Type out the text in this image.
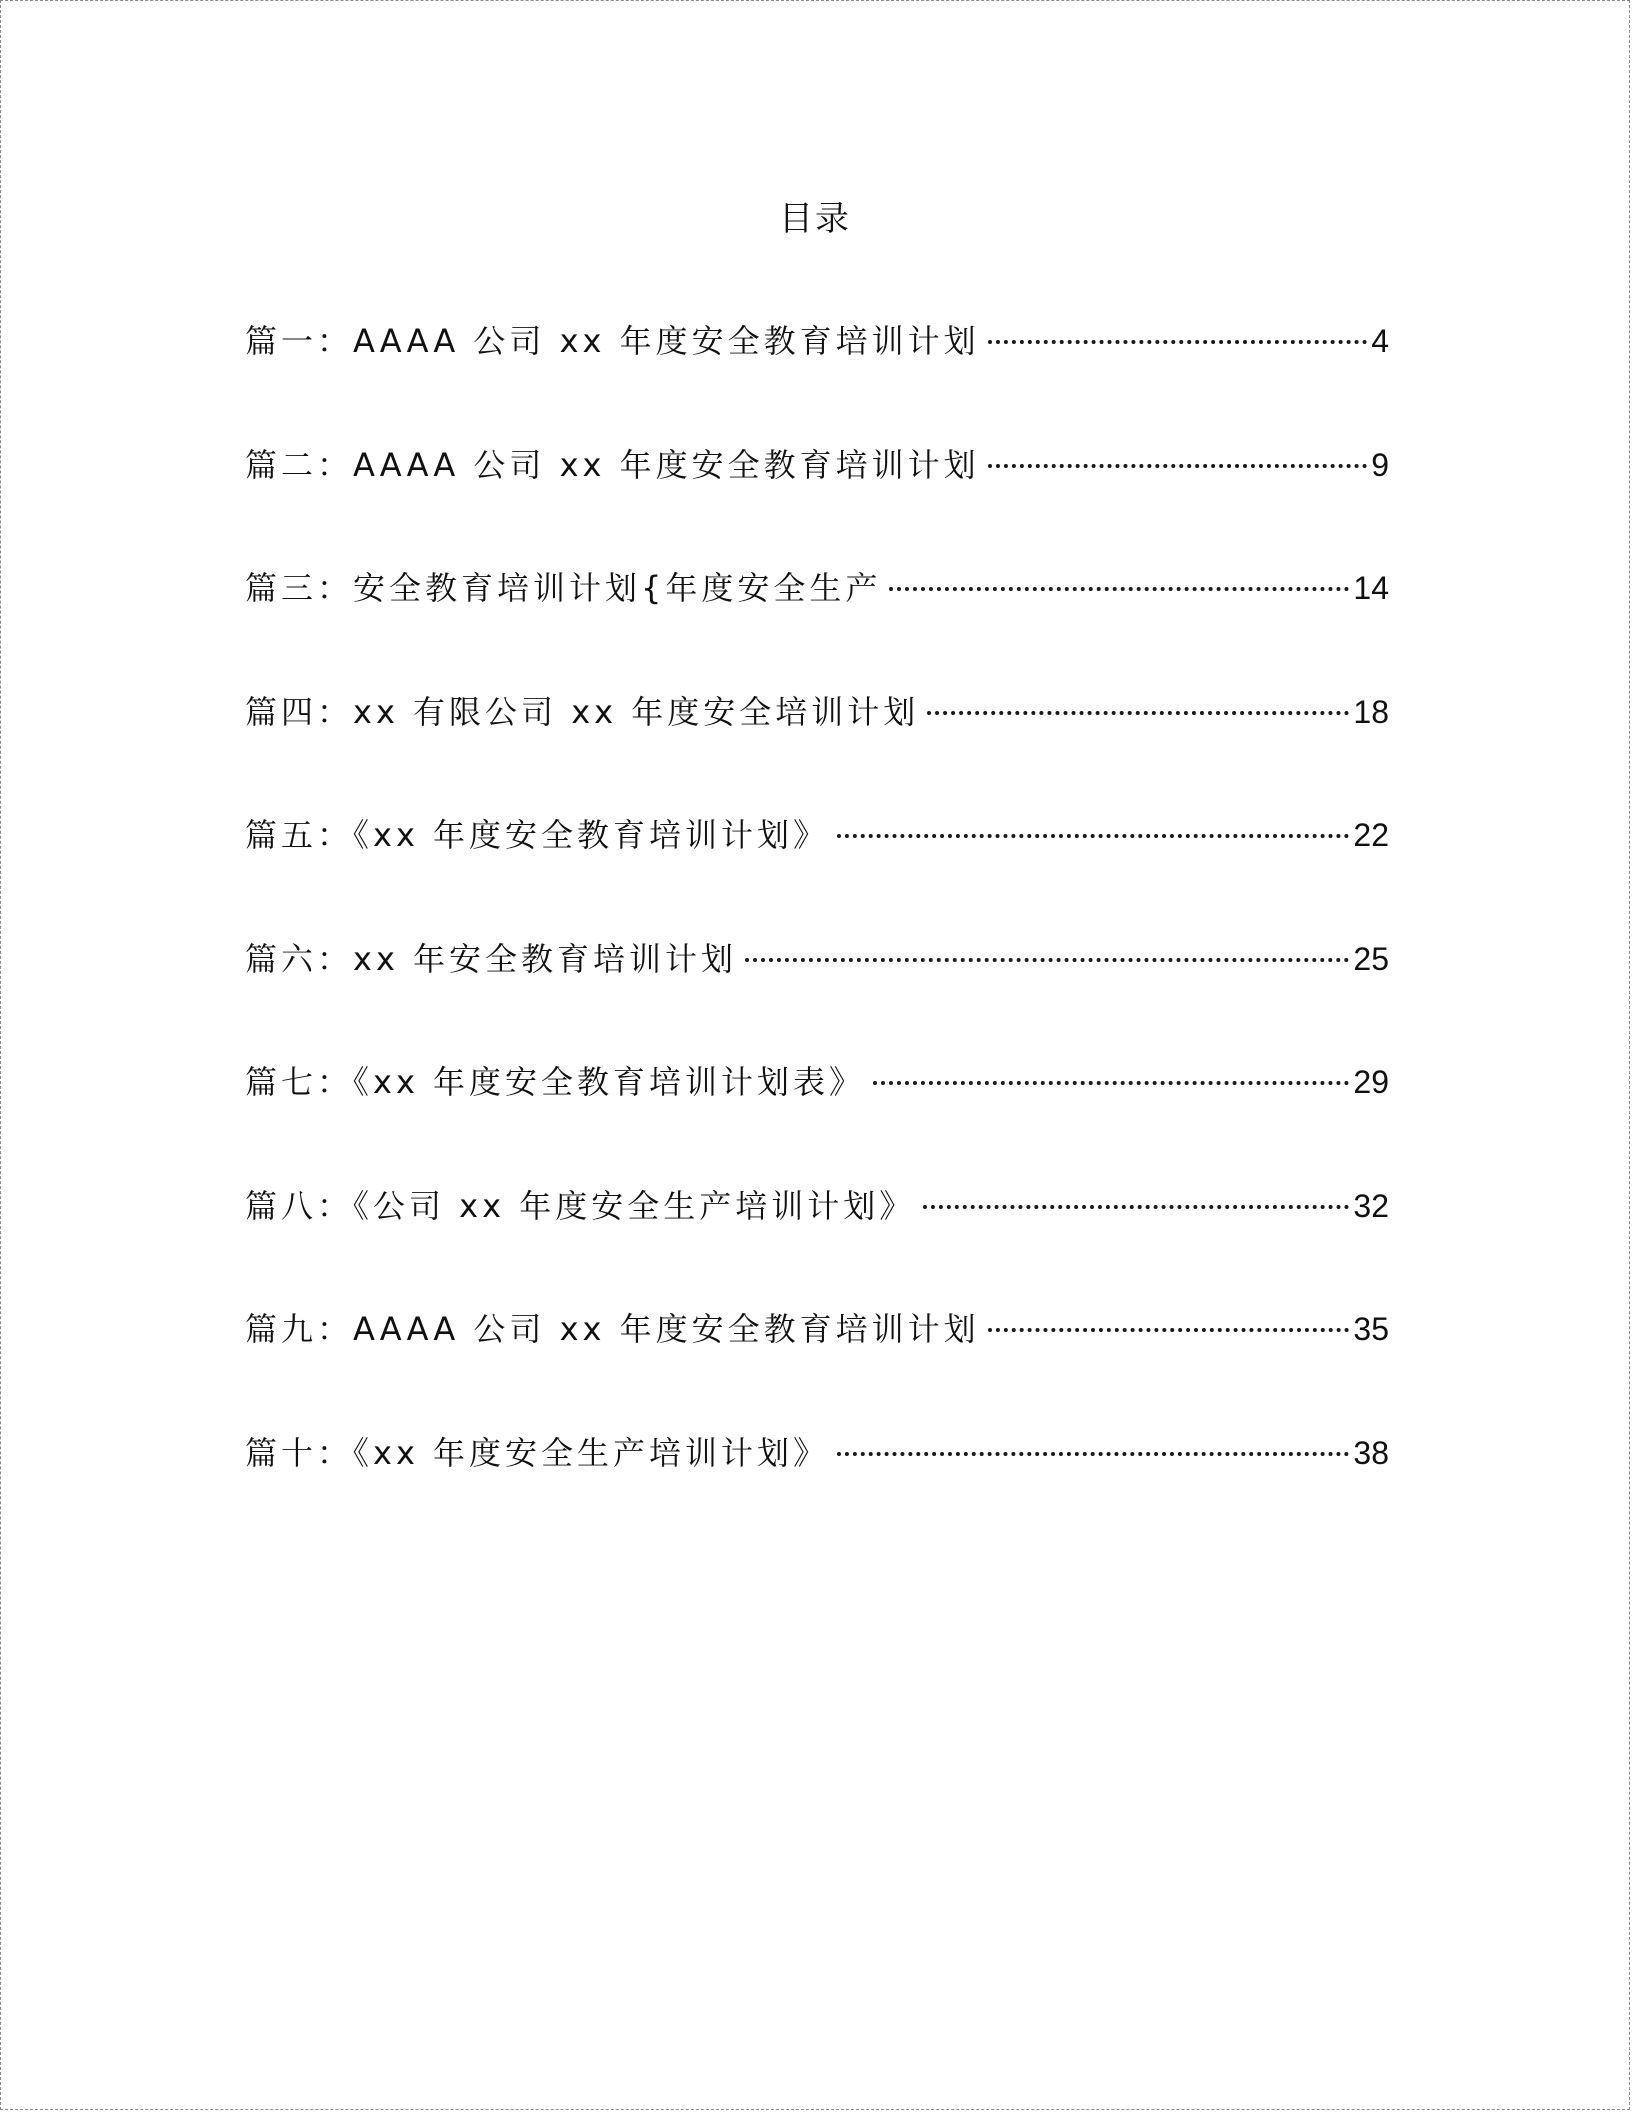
目录
篇一：AAAA 公司 xx 年度安全教育培训计划	4
篇二：AAAA 公司 xx 年度安全教育培训计划	9
篇三：安全教育培训计划{年度安全生产	14
篇四：xx 有限公司 xx 年度安全培训计划	18
篇五：《xx 年度安全教育培训计划》	22
篇六：xx 年安全教育培训计划	25
篇七：《xx 年度安全教育培训计划表》	29
篇八：《公司 xx 年度安全生产培训计划》	32
篇九：AAAA 公司 xx 年度安全教育培训计划	35
篇十：《xx 年度安全生产培训计划》	38
